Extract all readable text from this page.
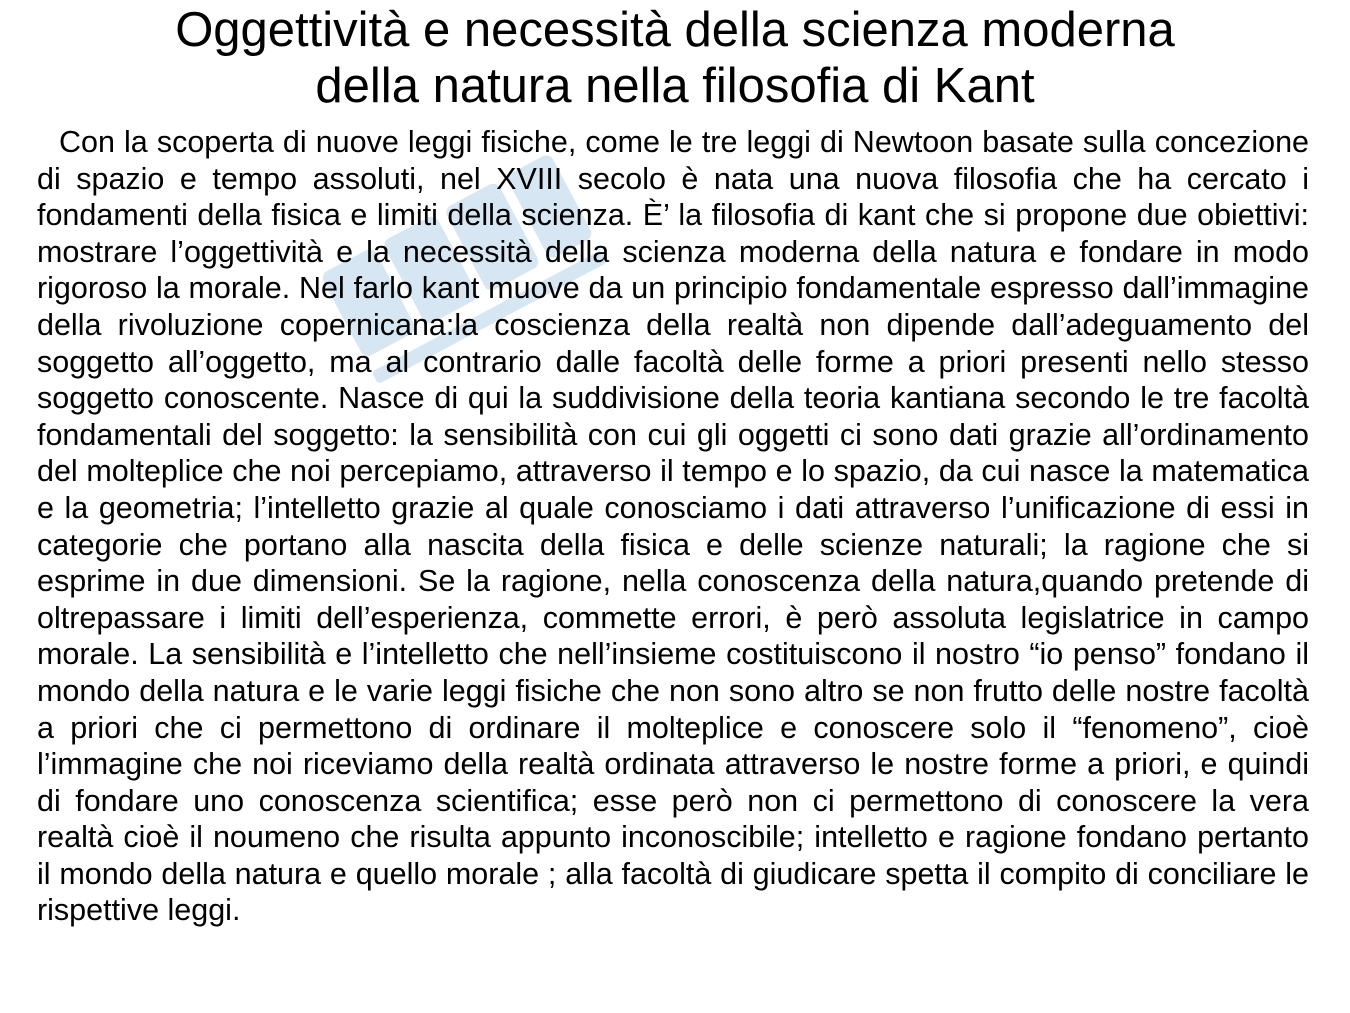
Oggettività e necessità della scienza moderna
della natura nella filosofia di Kant

Con la scoperta di nuove leggi fisiche, come le tre leggi di Newtoon basate sulla concezione di spazio e tempo assoluti, nel XVIII secolo è nata una nuova filosofia che ha cercato i fondamenti della fisica e limiti della scienza. È’ la filosofia di kant che si propone due obiettivi: mostrare l’oggettività e la necessità della scienza moderna della natura e fondare in modo rigoroso la morale. Nel farlo kant muove da un principio fondamentale espresso dall’immagine della rivoluzione copernicana:la coscienza della realtà non dipende dall’adeguamento del soggetto all’oggetto, ma al contrario dalle facoltà delle forme a priori presenti nello stesso soggetto conoscente. Nasce di qui la suddivisione della teoria kantiana secondo le tre facoltà fondamentali del soggetto: la sensibilità con cui gli oggetti ci sono dati grazie all’ordinamento del molteplice che noi percepiamo, attraverso il tempo e lo spazio, da cui nasce la matematica e la geometria; l’intelletto grazie al quale conosciamo i dati attraverso l’unificazione di essi in categorie che portano alla nascita della fisica e delle scienze naturali; la ragione che si esprime in due dimensioni. Se la ragione, nella conoscenza della natura,quando pretende di oltrepassare i limiti dell’esperienza, commette errori, è però assoluta legislatrice in campo morale. La sensibilità e l’intelletto che nell’insieme costituiscono il nostro “io penso” fondano il mondo della natura e le varie leggi fisiche che non sono altro se non frutto delle nostre facoltà a priori che ci permettono di ordinare il molteplice e conoscere solo il “fenomeno”, cioè l’immagine che noi riceviamo della realtà ordinata attraverso le nostre forme a priori, e quindi di fondare uno conoscenza scientifica; esse però non ci permettono di conoscere la vera realtà cioè il noumeno che risulta appunto inconoscibile; intelletto e ragione fondano pertanto il mondo della natura e quello morale ; alla facoltà di giudicare spetta il compito di conciliare le rispettive leggi.
